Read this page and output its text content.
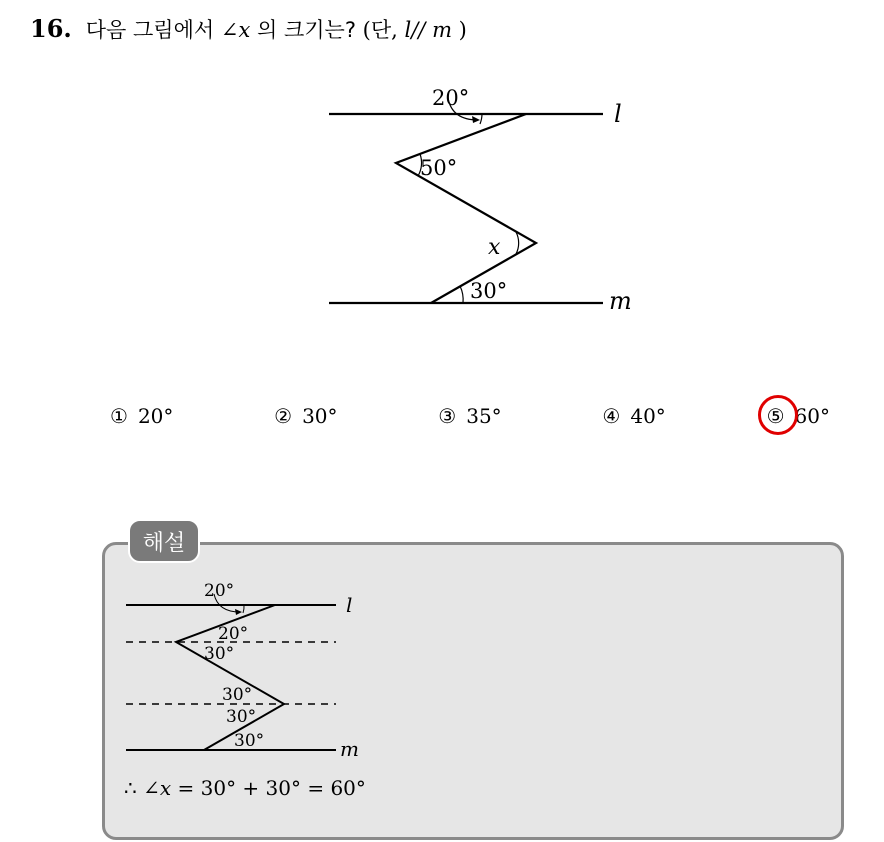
16. 다음 그림에서 ∠x 의 크기는? (단, l// m )
20°
50°
x
30°
l
m
① 20°	② 30°	③ 35°	④ 40°	⑤ 60°
해설
20°
20°
30°
30°
30°
30°
l
m
∴ ∠x = 30° + 30° = 60°
